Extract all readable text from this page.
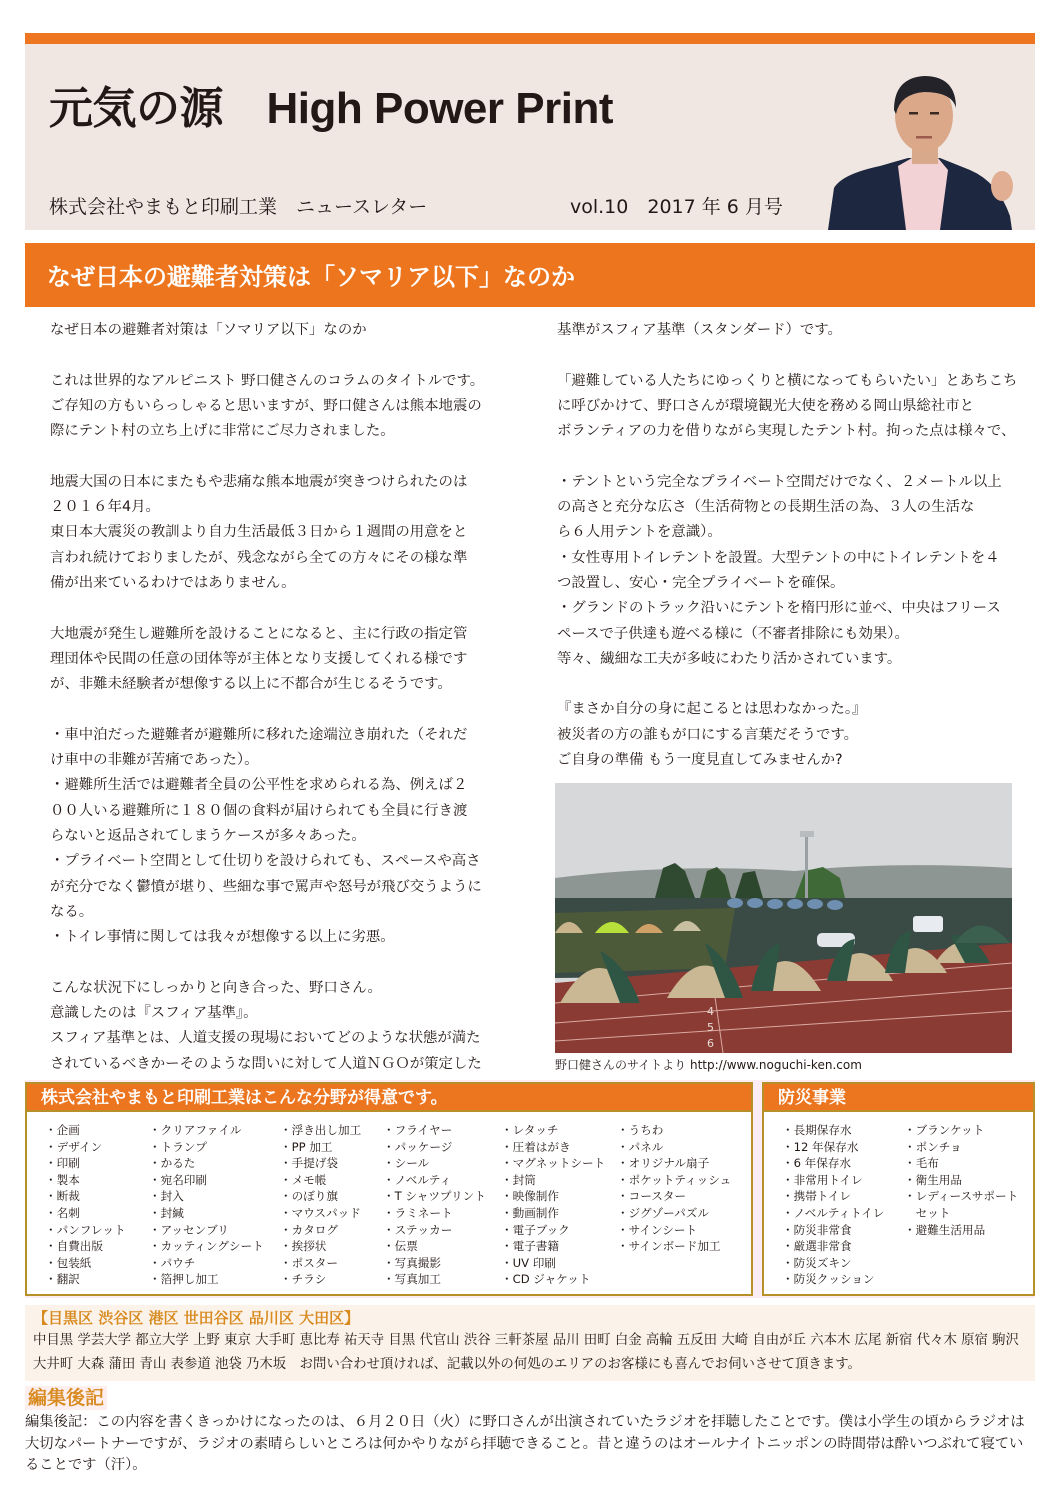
元気の源　High Power Print
株式会社やまもと印刷工業　ニュースレター	vol.10　2017 年 6 月号
なぜ日本の避難者対策は「ソマリア以下」なのか
なぜ日本の避難者対策は「ソマリア以下」なのか
これは世界的なアルピニスト 野口健さんのコラムのタイトルです。
ご存知の方もいらっしゃると思いますが、野口健さんは熊本地震の
際にテント村の立ち上げに非常にご尽力されました。
地震大国の日本にまたもや悲痛な熊本地震が突きつけられたのは
２０１６年4月。
東日本大震災の教訓より自力生活最低３日から１週間の用意をと
言われ続けておりましたが、残念ながら全ての方々にその様な準
備が出来ているわけではありません。
大地震が発生し避難所を設けることになると、主に行政の指定管
理団体や民間の任意の団体等が主体となり支援してくれる様です
が、非難未経験者が想像する以上に不都合が生じるそうです。
・車中泊だった避難者が避難所に移れた途端泣き崩れた（それだ
け車中の非難が苦痛であった）。
・避難所生活では避難者全員の公平性を求められる為、例えば２
００人いる避難所に１８０個の食料が届けられても全員に行き渡
らないと返品されてしまうケースが多々あった。
・プライベート空間として仕切りを設けられても、スペースや高さ
が充分でなく鬱憤が堪り、些細な事で罵声や怒号が飛び交うように
なる。
・トイレ事情に関しては我々が想像する以上に劣悪。
こんな状況下にしっかりと向き合った、野口さん。
意識したのは『スフィア基準』。
スフィア基準とは、人道支援の現場においてどのような状態が満た
されているべきかーそのような問いに対して人道ＮＧＯが策定した
基準がスフィア基準（スタンダード）です。
「避難している人たちにゆっくりと横になってもらいたい」とあちこち
に呼びかけて、野口さんが環境観光大使を務める岡山県総社市と
ボランティアの力を借りながら実現したテント村。拘った点は様々で、
・テントという完全なプライベート空間だけでなく、２メートル以上
の高さと充分な広さ（生活荷物との長期生活の為、３人の生活な
ら６人用テントを意識）。
・女性専用トイレテントを設置。大型テントの中にトイレテントを４
つ設置し、安心・完全プライベートを確保。
・グランドのトラック沿いにテントを楕円形に並べ、中央はフリース
ペースで子供達も遊べる様に（不審者排除にも効果）。
等々、繊細な工夫が多岐にわたり活かされています。
『まさか自分の身に起こるとは思わなかった。』
被災者の方の誰もが口にする言葉だそうです。
ご自身の準備 もう一度見直してみませんか?
4
5
6
野口健さんのサイトより http://www.noguchi-ken.com
株式会社やまもと印刷工業はこんな分野が得意です。
・企画
・デザイン
・印刷
・製本
・断裁
・名刺
・パンフレット
・自費出版
・包装紙
・翻訳
・クリアファイル
・トランプ
・かるた
・宛名印刷
・封入
・封緘
・アッセンブリ
・カッティングシート
・パウチ
・箔押し加工
・浮き出し加工
・PP 加工
・手提げ袋
・メモ帳
・のぼり旗
・マウスパッド
・カタログ
・挨拶状
・ポスター
・チラシ
・フライヤー
・パッケージ
・シール
・ノベルティ
・T シャツプリント
・ラミネート
・ステッカー
・伝票
・写真撮影
・写真加工
・レタッチ
・圧着はがき
・マグネットシート
・封筒
・映像制作
・動画制作
・電子ブック
・電子書籍
・UV 印刷
・CD ジャケット
・うちわ
・パネル
・オリジナル扇子
・ポケットティッシュ
・コースター
・ジグゾーパズル
・サインシート
・サインボード加工
防災事業
・長期保存水
・12 年保存水
・6 年保存水
・非常用トイレ
・携帯トイレ
・ノベルティトイレ
・防災非常食
・厳選非常食
・防災ズキン
・防災クッション
・ブランケット
・ポンチョ
・毛布
・衛生用品
・レディースサポート
　セット
・避難生活用品
【目黒区 渋谷区 港区 世田谷区 品川区 大田区】
中目黒 学芸大学 都立大学 上野 東京 大手町 恵比寿 祐天寺 目黒 代官山 渋谷 三軒茶屋 品川 田町 白金 高輪 五反田 大崎 自由が丘 六本木 広尾 新宿 代々木 原宿 駒沢 大井町 大森 蒲田 青山 表参道 池袋 乃木坂　お問い合わせ頂ければ、記載以外の何処のエリアのお客様にも喜んでお伺いさせて頂きます。
編集後記
編集後記：この内容を書くきっかけになったのは、６月２０日（火）に野口さんが出演されていたラジオを拝聴したことです。僕は小学生の頃からラジオは大切なパートナーですが、ラジオの素晴らしいところは何かやりながら拝聴できること。昔と違うのはオールナイトニッポンの時間帯は酔いつぶれて寝ていることです（汗）。
